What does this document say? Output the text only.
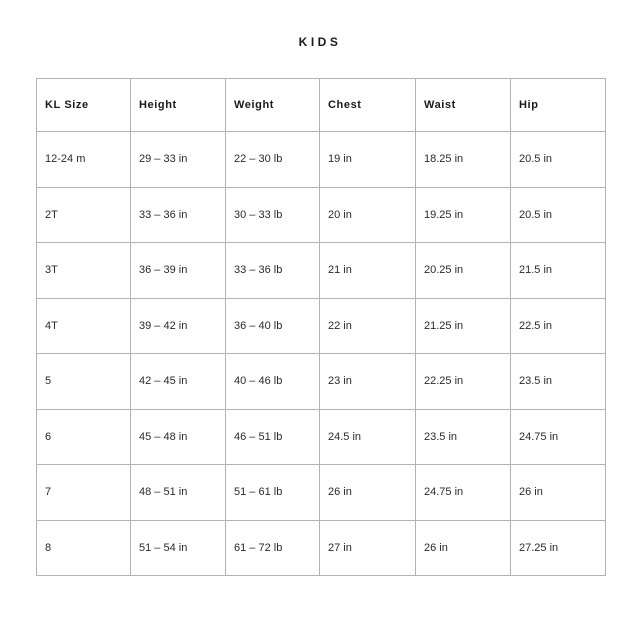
KIDS
KL Size	Height	Weight	Chest	Waist	Hip
12-24 m	29 – 33 in	22 – 30 lb	19 in	18.25 in	20.5 in
2T	33 – 36 in	30 – 33 lb	20 in	19.25 in	20.5 in
3T	36 – 39 in	33 – 36 lb	21 in	20.25 in	21.5 in
4T	39 – 42 in	36 – 40 lb	22 in	21.25 in	22.5 in
5	42 – 45 in	40 – 46 lb	23 in	22.25 in	23.5 in
6	45 – 48 in	46 – 51 lb	24.5 in	23.5 in	24.75 in
7	48 – 51 in	51 – 61 lb	26 in	24.75 in	26 in
8	51 – 54 in	61 – 72 lb	27 in	26 in	27.25 in
